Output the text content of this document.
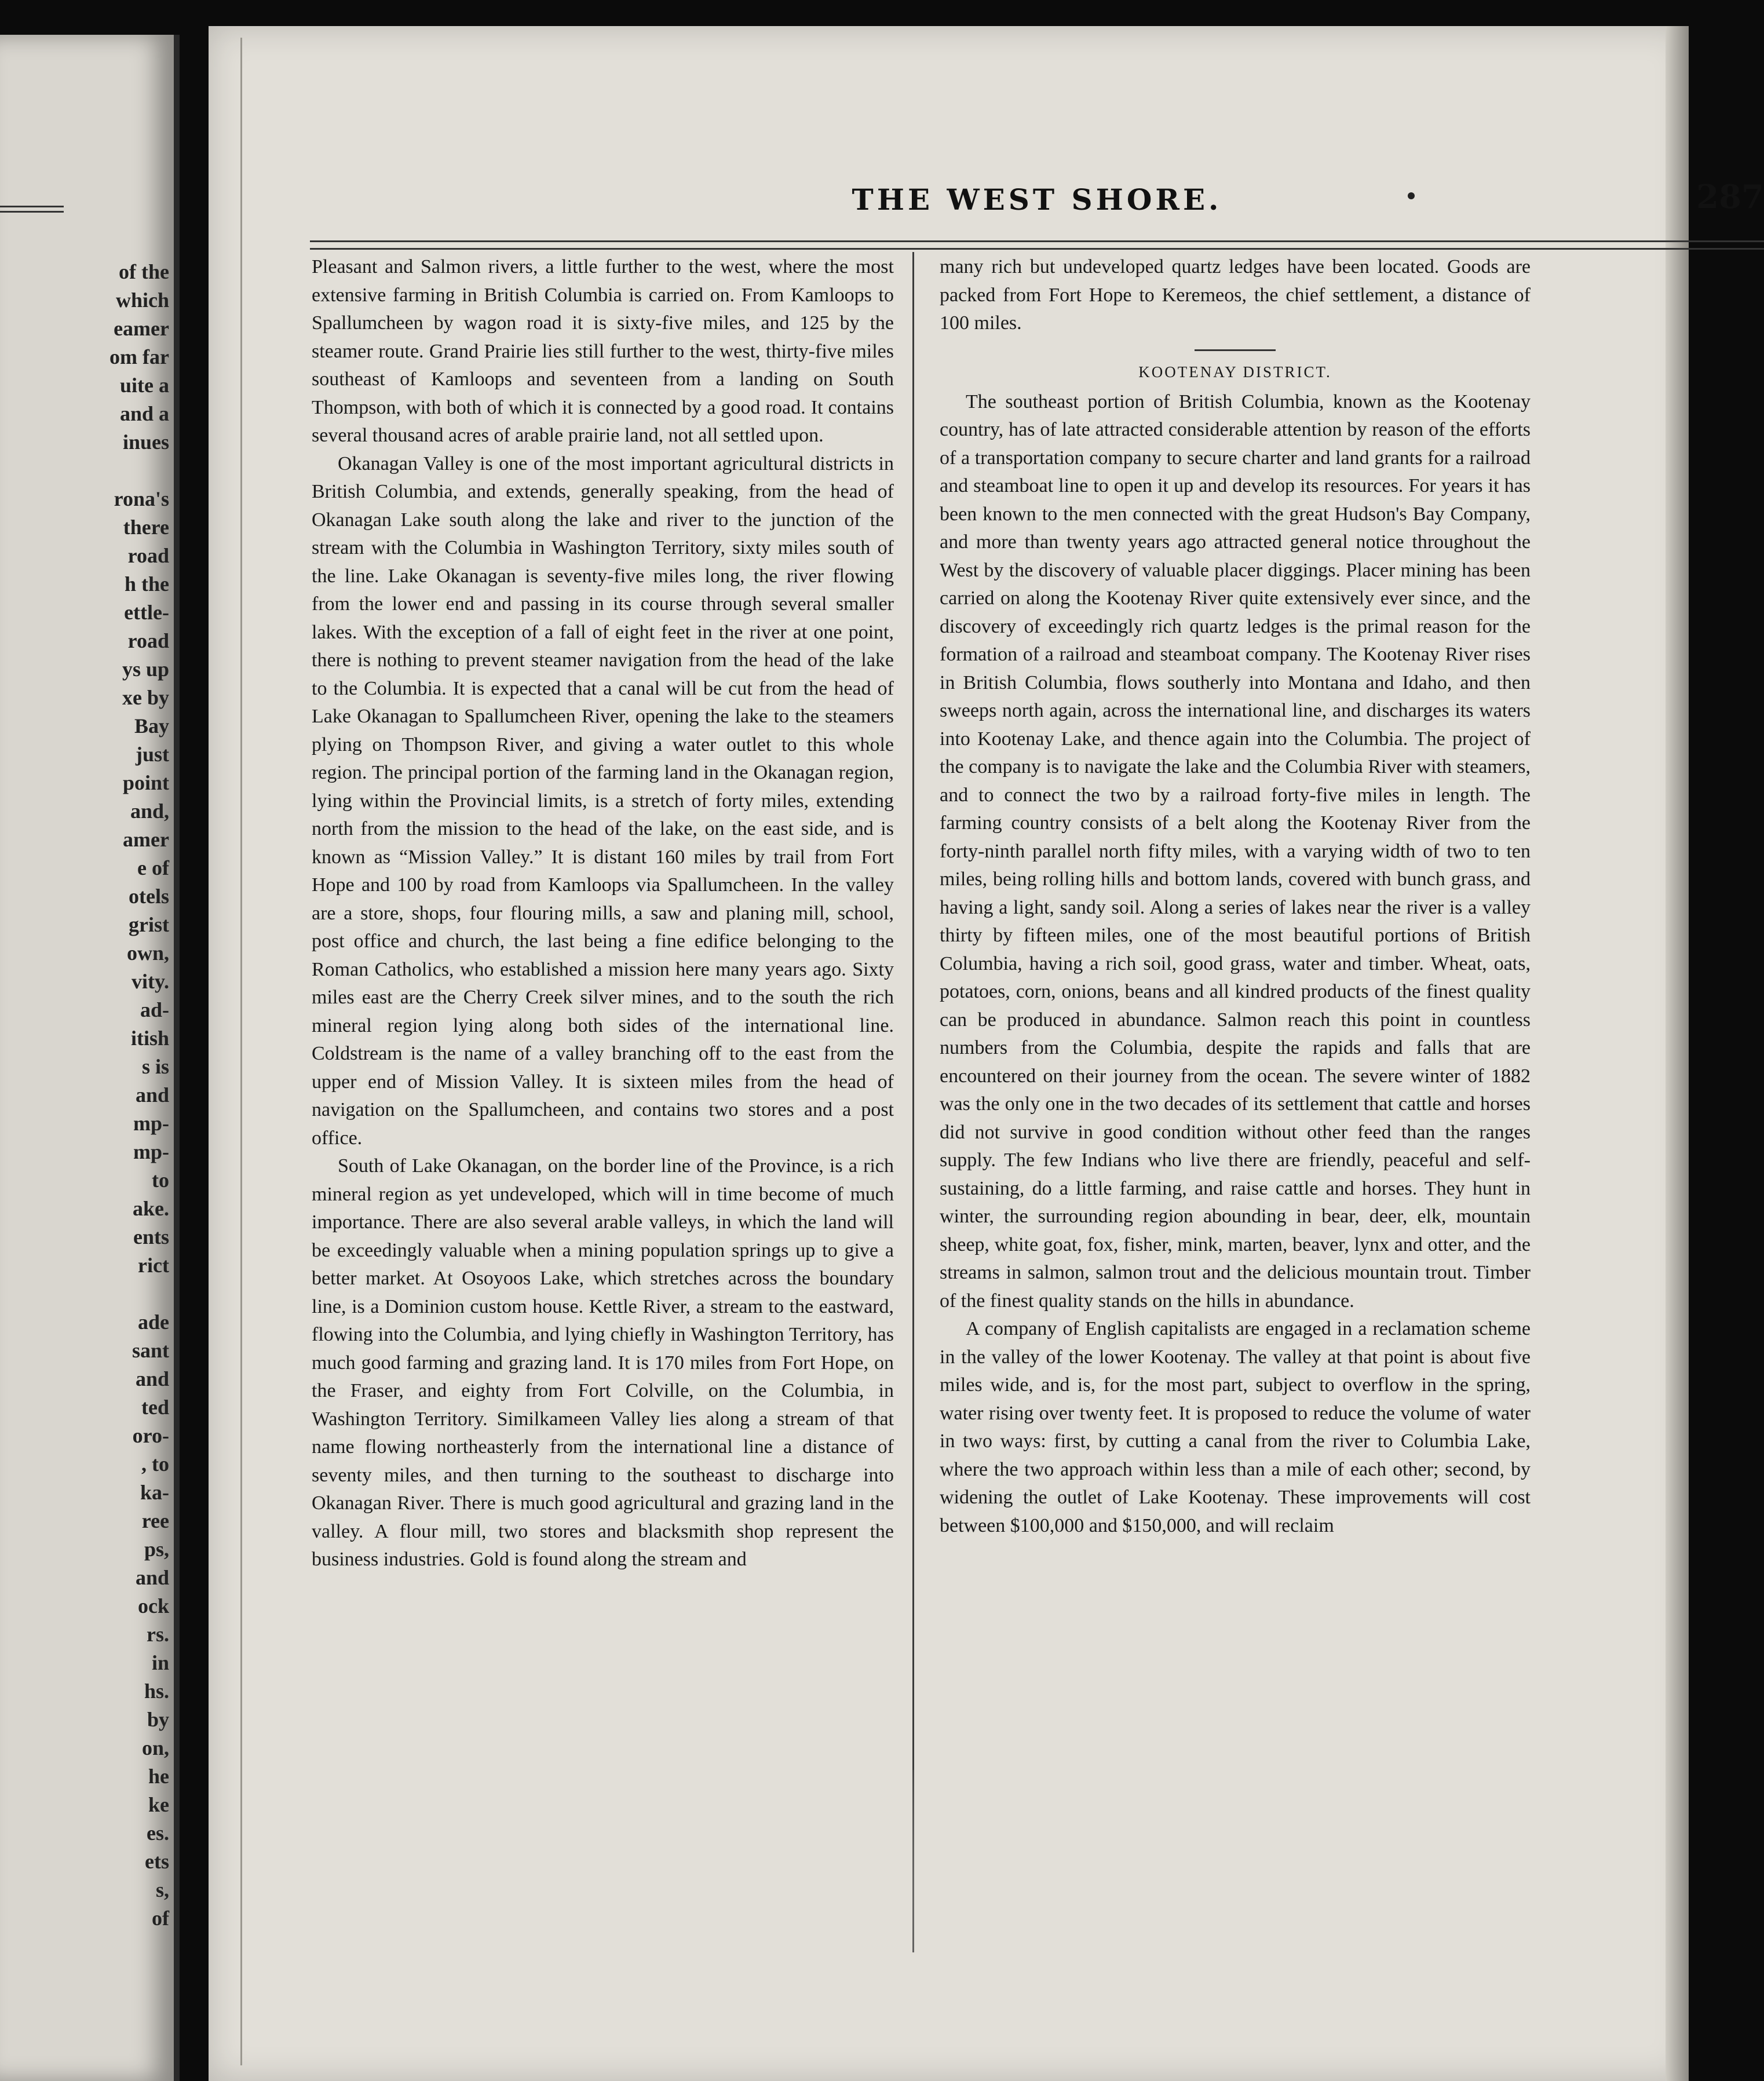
of the
which
eamer
om far
uite a
and a
inues
rona's
there
road
h the
ettle-
road
ys up
xe by
Bay
just
point
and,
amer
e of
otels
grist
own,
vity.
ad-
itish
s is
and
mp-
mp-
to
ake.
ents
rict
ade
sant
and
ted
oro-
, to
ka-
ree
ps,
and
ock
rs.
in
hs.
by
on,
he
ke
es.
ets
s,
of
THE WEST SHORE.	287

Pleasant and Salmon rivers, a little further to the west, where the most extensive farming in British Columbia is carried on. From Kamloops to Spallumcheen by wagon road it is sixty-five miles, and 125 by the steamer route. Grand Prairie lies still further to the west, thirty-five miles southeast of Kamloops and seventeen from a landing on South Thompson, with both of which it is connected by a good road. It contains several thousand acres of arable prairie land, not all settled upon.

Okanagan Valley is one of the most important agricultural districts in British Columbia, and extends, generally speaking, from the head of Okanagan Lake south along the lake and river to the junction of the stream with the Columbia in Washington Territory, sixty miles south of the line. Lake Okanagan is seventy-five miles long, the river flowing from the lower end and passing in its course through several smaller lakes. With the exception of a fall of eight feet in the river at one point, there is nothing to prevent steamer navigation from the head of the lake to the Columbia. It is expected that a canal will be cut from the head of Lake Okanagan to Spallumcheen River, opening the lake to the steamers plying on Thompson River, and giving a water outlet to this whole region. The principal portion of the farming land in the Okanagan region, lying within the Provincial limits, is a stretch of forty miles, extending north from the mission to the head of the lake, on the east side, and is known as “Mission Valley.” It is distant 160 miles by trail from Fort Hope and 100 by road from Kamloops via Spallumcheen. In the valley are a store, shops, four flouring mills, a saw and planing mill, school, post office and church, the last being a fine edifice belonging to the Roman Catholics, who established a mission here many years ago. Sixty miles east are the Cherry Creek silver mines, and to the south the rich mineral region lying along both sides of the international line. Coldstream is the name of a valley branching off to the east from the upper end of Mission Valley. It is sixteen miles from the head of navigation on the Spallumcheen, and contains two stores and a post office.

South of Lake Okanagan, on the border line of the Province, is a rich mineral region as yet undeveloped, which will in time become of much importance. There are also several arable valleys, in which the land will be exceedingly valuable when a mining population springs up to give a better market. At Osoyoos Lake, which stretches across the boundary line, is a Dominion custom house. Kettle River, a stream to the eastward, flowing into the Columbia, and lying chiefly in Washington Territory, has much good farming and grazing land. It is 170 miles from Fort Hope, on the Fraser, and eighty from Fort Colville, on the Columbia, in Washington Territory. Similkameen Valley lies along a stream of that name flowing northeasterly from the international line a distance of seventy miles, and then turning to the southeast to discharge into Okanagan River. There is much good agricultural and grazing land in the valley. A flour mill, two stores and blacksmith shop represent the business industries. Gold is found along the stream and

many rich but undeveloped quartz ledges have been located. Goods are packed from Fort Hope to Keremeos, the chief settlement, a distance of 100 miles.

KOOTENAY DISTRICT.

The southeast portion of British Columbia, known as the Kootenay country, has of late attracted considerable attention by reason of the efforts of a transportation company to secure charter and land grants for a railroad and steamboat line to open it up and develop its resources. For years it has been known to the men connected with the great Hudson's Bay Company, and more than twenty years ago attracted general notice throughout the West by the discovery of valuable placer diggings. Placer mining has been carried on along the Kootenay River quite extensively ever since, and the discovery of exceedingly rich quartz ledges is the primal reason for the formation of a railroad and steamboat company. The Kootenay River rises in British Columbia, flows southerly into Montana and Idaho, and then sweeps north again, across the international line, and discharges its waters into Kootenay Lake, and thence again into the Columbia. The project of the company is to navigate the lake and the Columbia River with steamers, and to connect the two by a railroad forty-five miles in length. The farming country consists of a belt along the Kootenay River from the forty-ninth parallel north fifty miles, with a varying width of two to ten miles, being rolling hills and bottom lands, covered with bunch grass, and having a light, sandy soil. Along a series of lakes near the river is a valley thirty by fifteen miles, one of the most beautiful portions of British Columbia, having a rich soil, good grass, water and timber. Wheat, oats, potatoes, corn, onions, beans and all kindred products of the finest quality can be produced in abundance. Salmon reach this point in countless numbers from the Columbia, despite the rapids and falls that are encountered on their journey from the ocean. The severe winter of 1882 was the only one in the two decades of its settlement that cattle and horses did not survive in good condition without other feed than the ranges supply. The few Indians who live there are friendly, peaceful and self-sustaining, do a little farming, and raise cattle and horses. They hunt in winter, the surrounding region abounding in bear, deer, elk, mountain sheep, white goat, fox, fisher, mink, marten, beaver, lynx and otter, and the streams in salmon, salmon trout and the delicious mountain trout. Timber of the finest quality stands on the hills in abundance.

A company of English capitalists are engaged in a reclamation scheme in the valley of the lower Kootenay. The valley at that point is about five miles wide, and is, for the most part, subject to overflow in the spring, water rising over twenty feet. It is proposed to reduce the volume of water in two ways: first, by cutting a canal from the river to Columbia Lake, where the two approach within less than a mile of each other; second, by widening the outlet of Lake Kootenay. These improvements will cost between $100,000 and $150,000, and will reclaim
